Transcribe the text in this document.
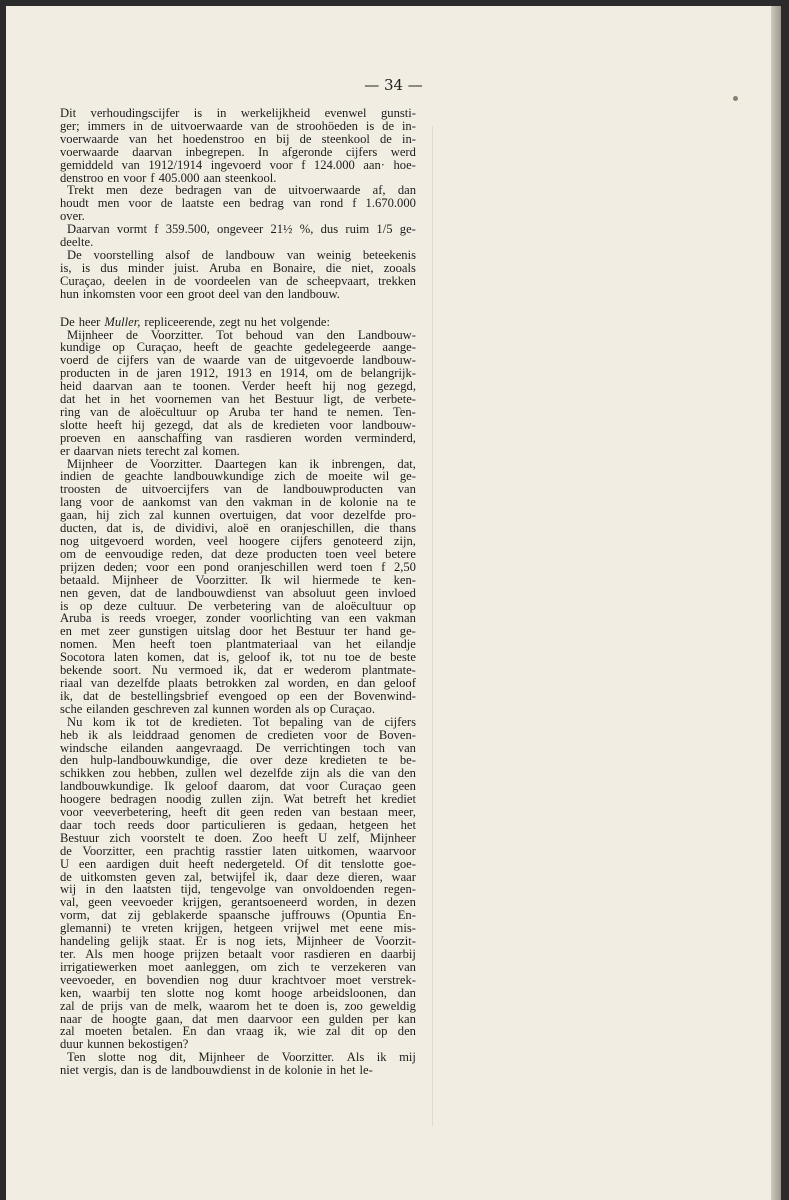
— 34 —
Dit verhoudingscijfer is in werkelijkheid evenwel gunsti-
ger; immers in de uitvoerwaarde van de stroohöeden is de in-
voerwaarde van het hoedenstroo en bij de steenkool de in-
voerwaarde daarvan inbegrepen. In afgeronde cijfers werd
gemiddeld van 1912/1914 ingevoerd voor f 124.000 aan· hoe-
denstroo en voor f 405.000 aan steenkool.
Trekt men deze bedragen van de uitvoerwaarde af, dan
houdt men voor de laatste een bedrag van rond f 1.670.000
over.
Daarvan vormt f 359.500, ongeveer 21½ %, dus ruim 1/5 ge-
deelte.
De voorstelling alsof de landbouw van weinig beteekenis
is, is dus minder juist. Aruba en Bonaire, die niet, zooals
Curaçao, deelen in de voordeelen van de scheepvaart, trekken
hun inkomsten voor een groot deel van den landbouw.
De heer Muller, repliceerende, zegt nu het volgende:
Mijnheer de Voorzitter. Tot behoud van den Landbouw-
kundige op Curaçao, heeft de geachte gedelegeerde aange-
voerd de cijfers van de waarde van de uitgevoerde landbouw-
producten in de jaren 1912, 1913 en 1914, om de belangrijk-
heid daarvan aan te toonen. Verder heeft hij nog gezegd,
dat het in het voornemen van het Bestuur ligt, de verbete-
ring van de aloëcultuur op Aruba ter hand te nemen. Ten-
slotte heeft hij gezegd, dat als de kredieten voor landbouw-
proeven en aanschaffing van rasdieren worden verminderd,
er daarvan niets terecht zal komen.
Mijnheer de Voorzitter. Daartegen kan ik inbrengen, dat,
indien de geachte landbouwkundige zich de moeite wil ge-
troosten de uitvoercijfers van de landbouwproducten van
lang voor de aankomst van den vakman in de kolonie na te
gaan, hij zich zal kunnen overtuigen, dat voor dezelfde pro-
ducten, dat is, de dividivi, aloë en oranjeschillen, die thans
nog uitgevoerd worden, veel hoogere cijfers genoteerd zijn,
om de eenvoudige reden, dat deze producten toen veel betere
prijzen deden; voor een pond oranjeschillen werd toen f 2,50
betaald. Mijnheer de Voorzitter. Ik wil hiermede te ken-
nen geven, dat de landbouwdienst van absoluut geen invloed
is op deze cultuur. De verbetering van de aloëcultuur op
Aruba is reeds vroeger, zonder voorlichting van een vakman
en met zeer gunstigen uitslag door het Bestuur ter hand ge-
nomen. Men heeft toen plantmateriaal van het eilandje
Socotora laten komen, dat is, geloof ik, tot nu toe de beste
bekende soort. Nu vermoed ik, dat er wederom plantmate-
riaal van dezelfde plaats betrokken zal worden, en dan geloof
ik, dat de bestellingsbrief evengoed op een der Bovenwind-
sche eilanden geschreven zal kunnen worden als op Curaçao.
Nu kom ik tot de kredieten. Tot bepaling van de cijfers
heb ik als leiddraad genomen de credieten voor de Boven-
windsche eilanden aangevraagd. De verrichtingen toch van
den hulp-landbouwkundige, die over deze kredieten te be-
schikken zou hebben, zullen wel dezelfde zijn als die van den
landbouwkundige. Ik geloof daarom, dat voor Curaçao geen
hoogere bedragen noodig zullen zijn. Wat betreft het krediet
voor veeverbetering, heeft dit geen reden van bestaan meer,
daar toch reeds door particulieren is gedaan, hetgeen het
Bestuur zich voorstelt te doen. Zoo heeft U zelf, Mijnheer
de Voorzitter, een prachtig rasstier laten uitkomen, waarvoor
U een aardigen duit heeft nedergeteld. Of dit tenslotte goe-
de uitkomsten geven zal, betwijfel ik, daar deze dieren, waar
wij in den laatsten tijd, tengevolge van onvoldoenden regen-
val, geen veevoeder krijgen, gerantsoeneerd worden, in dezen
vorm, dat zij geblakerde spaansche juffrouws (Opuntia En-
glemanni) te vreten krijgen, hetgeen vrijwel met eene mis-
handeling gelijk staat. Er is nog iets, Mijnheer de Voorzit-
ter. Als men hooge prijzen betaalt voor rasdieren en daarbij
irrigatiewerken moet aanleggen, om zich te verzekeren van
veevoeder, en bovendien nog duur krachtvoer moet verstrek-
ken, waarbij ten slotte nog komt hooge arbeidsloonen, dan
zal de prijs van de melk, waarom het te doen is, zoo geweldig
naar de hoogte gaan, dat men daarvoor een gulden per kan
zal moeten betalen. En dan vraag ik, wie zal dit op den
duur kunnen bekostigen?
Ten slotte nog dit, Mijnheer de Voorzitter. Als ik mij
niet vergis, dan is de landbouwdienst in de kolonie in het le-
